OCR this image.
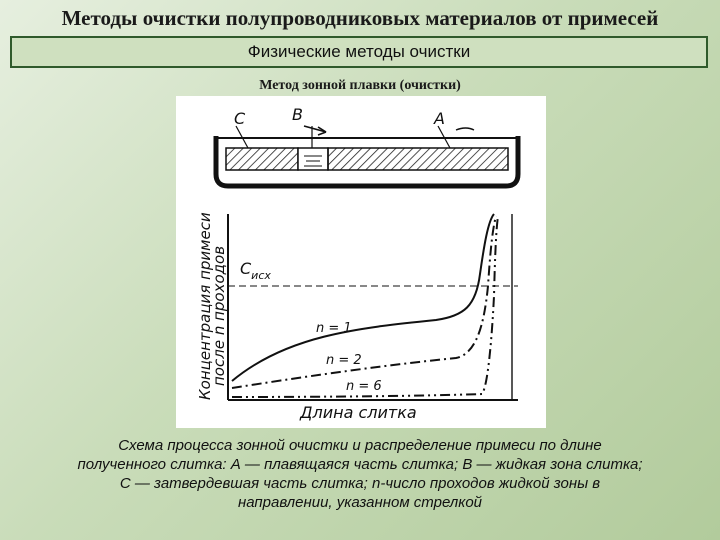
Методы очистки полупроводниковых материалов от примесей
Физические методы очистки
Метод зонной плавки (очистки)
C	B	A
$C_{исх}$
n = 1
n = 2
n = 6
Концентрация примеси
после n проходов
Длина слитка
Схема процесса зонной очистки и распределение примеси по длине
полученного слитка: А — плавящаяся часть слитка; В — жидкая зона слитка;
С — затвердевшая часть слитка; n-число проходов жидкой зоны в
направлении, указанном стрелкой
